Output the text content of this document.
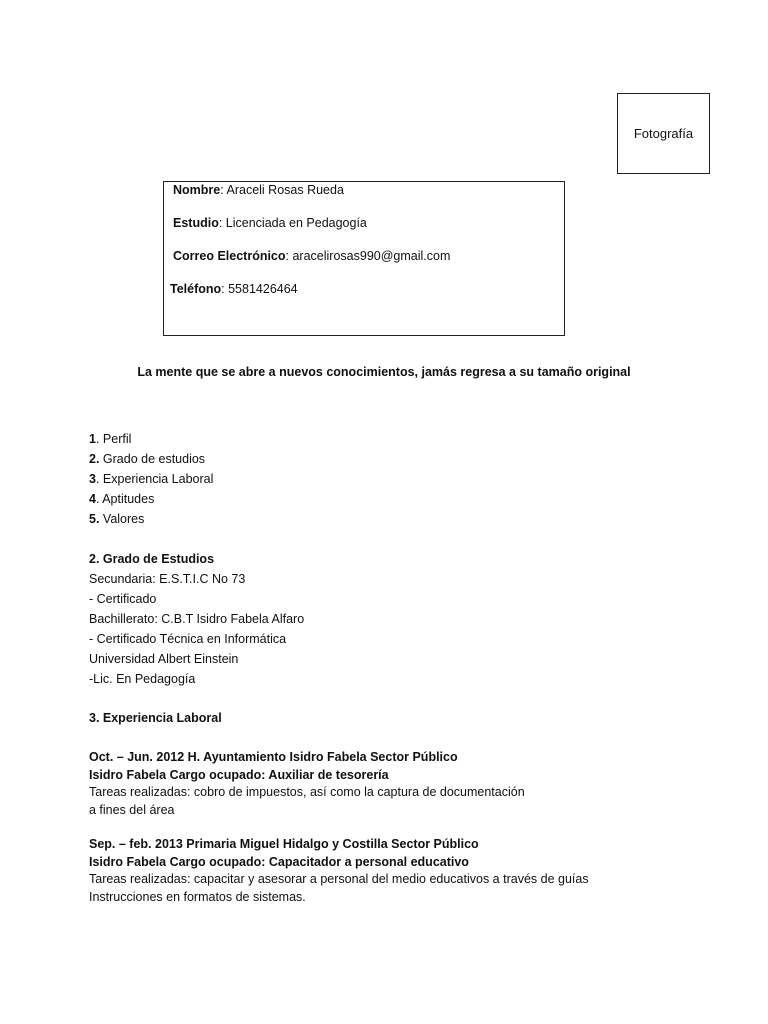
Fotografía
Nombre: Araceli Rosas Rueda
Estudio: Licenciada en Pedagogía
Correo Electrónico: aracelirosas990@gmail.com
Teléfono: 5581426464
La mente que se abre a nuevos conocimientos, jamás regresa a su tamaño original
1. Perfil
2. Grado de estudios
3. Experiencia Laboral
4. Aptitudes
5. Valores
2. Grado de Estudios
Secundaria: E.S.T.I.C No 73
- Certificado
Bachillerato: C.B.T Isidro Fabela Alfaro
- Certificado Técnica en Informática
Universidad Albert Einstein
-Lic. En Pedagogía
3. Experiencia Laboral
Oct. – Jun. 2012 H. Ayuntamiento Isidro Fabela Sector Público
Isidro Fabela Cargo ocupado: Auxiliar de tesorería
Tareas realizadas: cobro de impuestos, así como la captura de documentación
a fines del área
Sep. – feb. 2013 Primaria Miguel Hidalgo y Costilla Sector Público
Isidro Fabela Cargo ocupado: Capacitador a personal educativo
Tareas realizadas: capacitar y asesorar a personal del medio educativos a través de guías
Instrucciones en formatos de sistemas.
